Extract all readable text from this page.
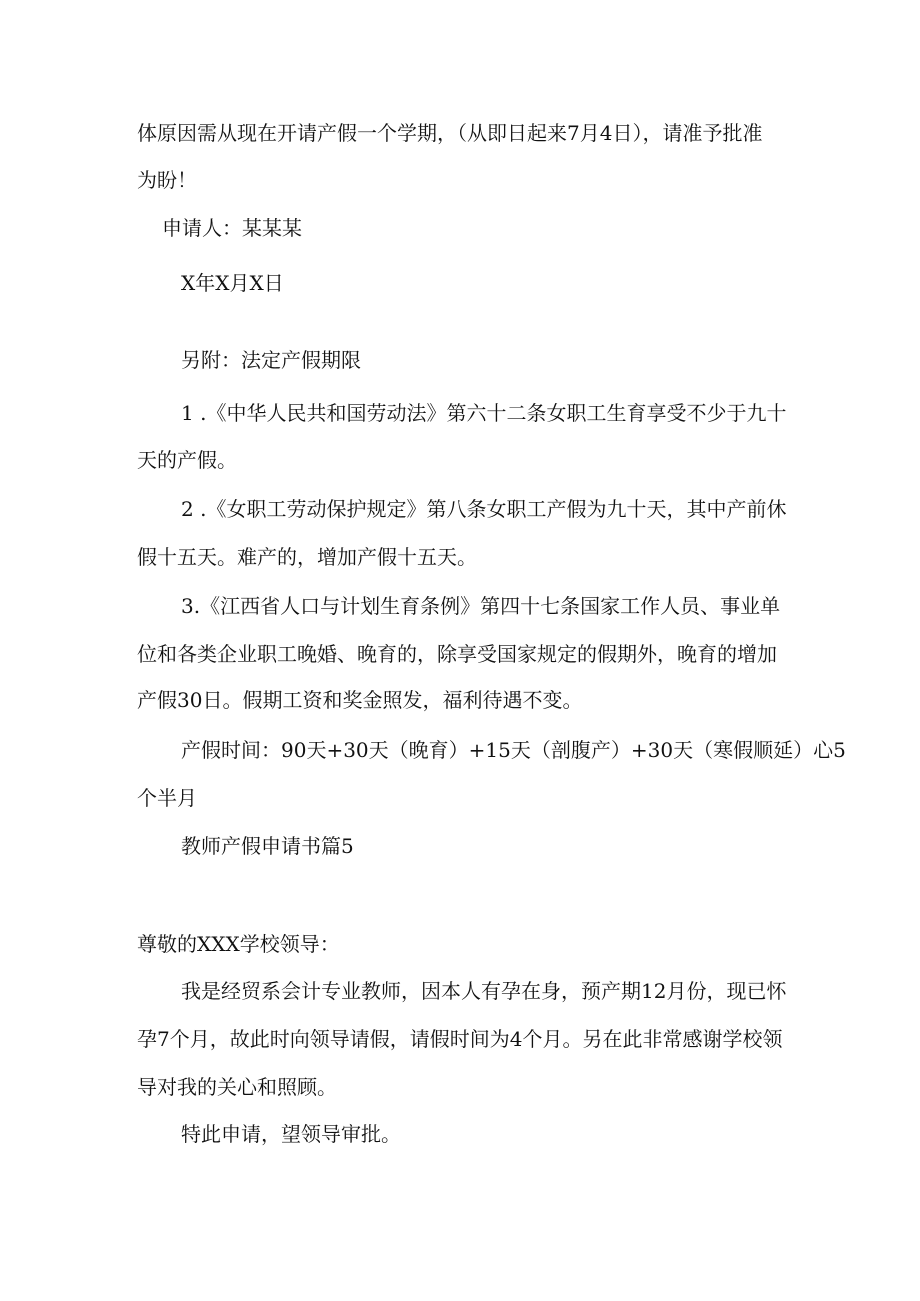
体原因需从现在开请产假一个学期，（从即日起来7月4日），请准予批准
为盼！
申请人：某某某
X年X月X日
另附：法定产假期限
1 .《中华人民共和国劳动法》第六十二条女职工生育享受不少于九十
天的产假。
2 .《女职工劳动保护规定》第八条女职工产假为九十天，其中产前休
假十五天。难产的，增加产假十五天。
3.《江西省人口与计划生育条例》第四十七条国家工作人员、事业单
位和各类企业职工晚婚、晚育的，除享受国家规定的假期外，晚育的增加
产假30日。假期工资和奖金照发，福利待遇不变。
产假时间：90天+30天（晚育）+15天（剖腹产）+30天（寒假顺延）心5
个半月
教师产假申请书篇5
尊敬的XXX学校领导：
我是经贸系会计专业教师，因本人有孕在身，预产期12月份，现已怀
孕7个月，故此时向领导请假，请假时间为4个月。另在此非常感谢学校领
导对我的关心和照顾。
特此申请，望领导审批。
